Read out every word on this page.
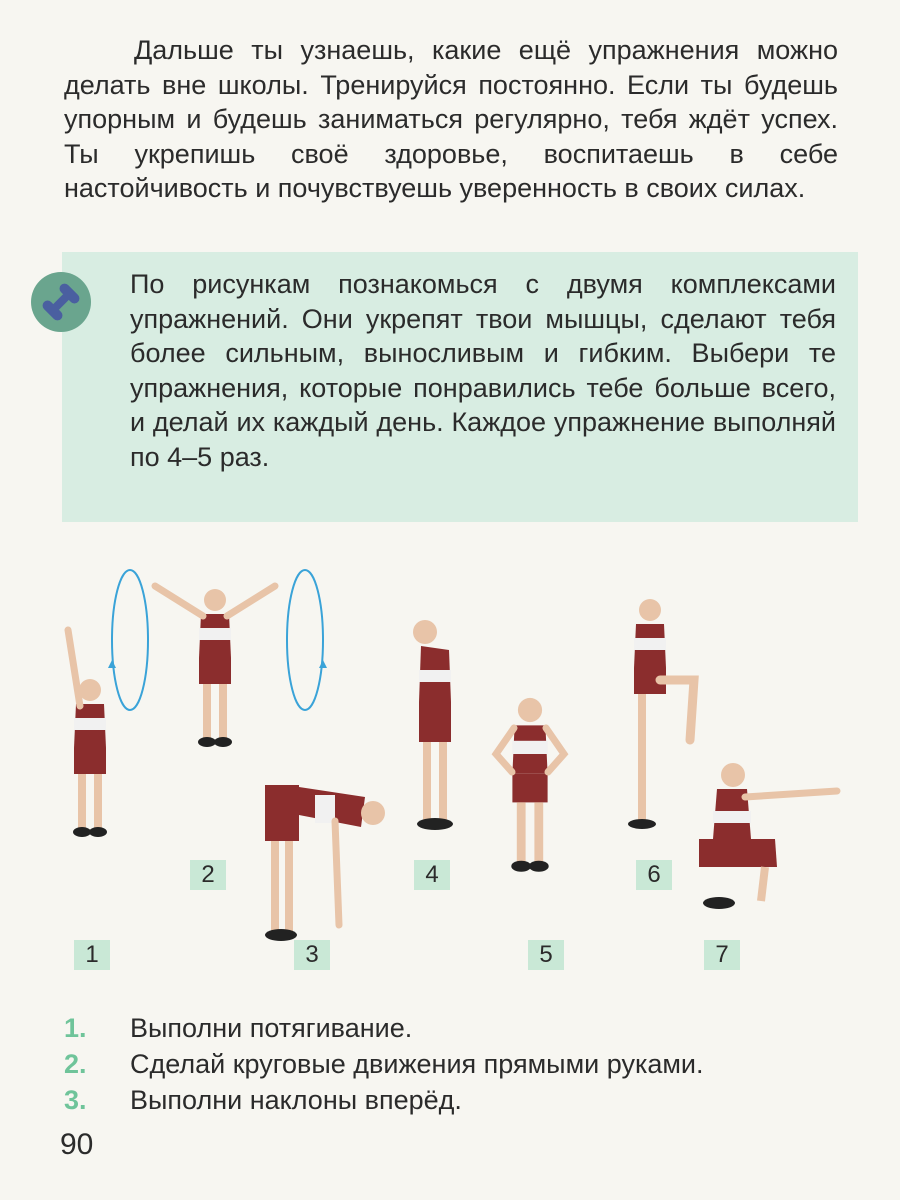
Дальше ты узнаешь, какие ещё упражнения можно делать вне школы. Тренируйся постоянно. Если ты будешь упорным и будешь заниматься регулярно, тебя ждёт успех. Ты укрепишь своё здоровье, воспитаешь в себе настойчивость и почувствуешь уверенность в своих силах.
По рисункам познакомься с двумя комплексами упражнений. Они укрепят твои мышцы, сделают тебя более сильным, выносливым и гибким. Выбери те упражнения, которые понравились тебе больше всего, и делай их каждый день. Каждое упражнение выполняй по 4–5 раз.
1
2
3
4
5
6
7
1.	Выполни потягивание.
2.	Сделай круговые движения прямыми руками.
3.	Выполни наклоны вперёд.
90
